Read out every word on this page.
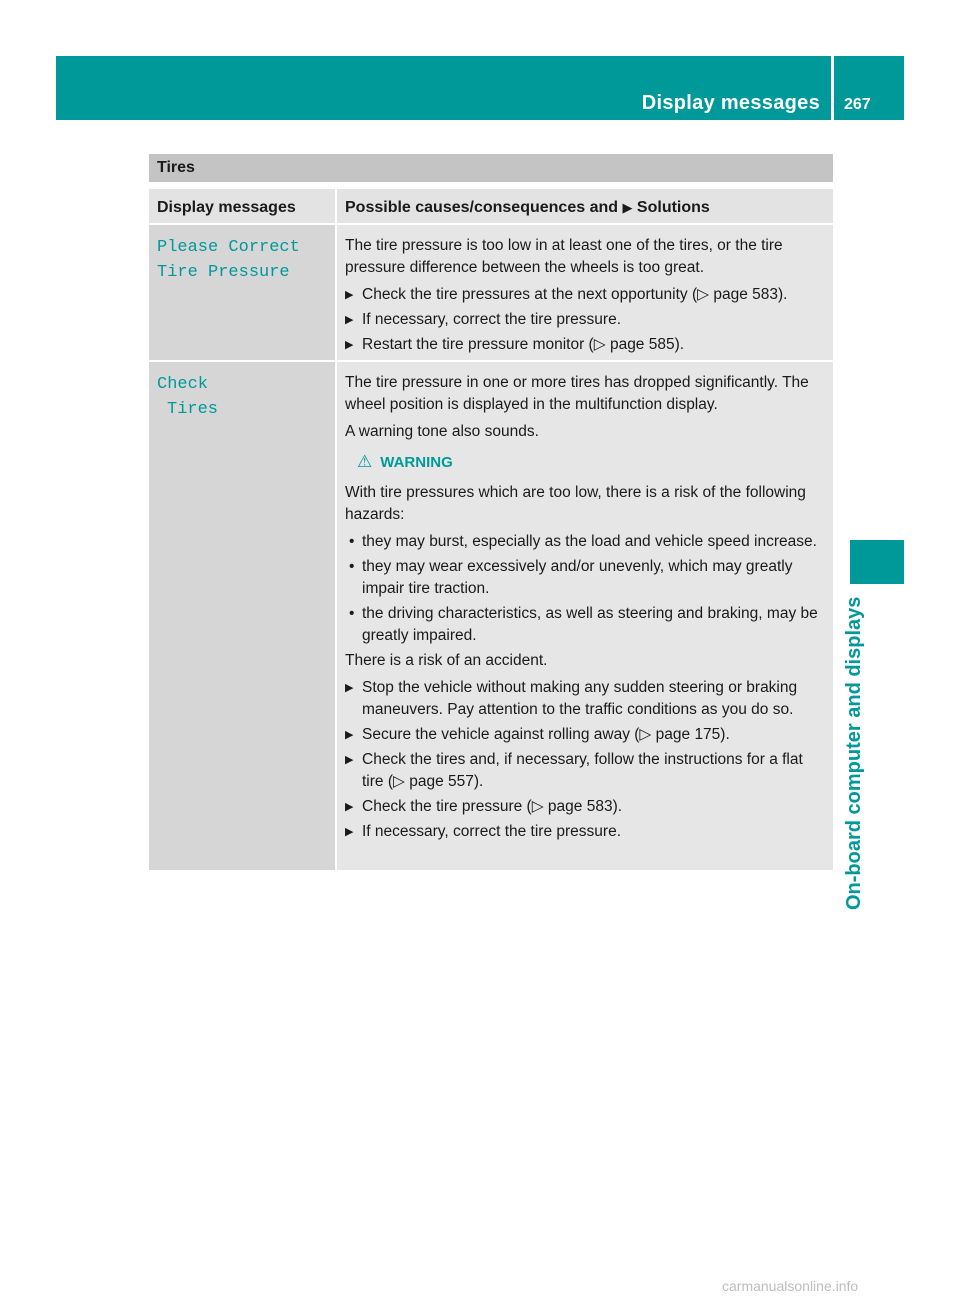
Display messages 267
On-board computer and displays
Tires
Display messages	Possible causes/consequences and ▶ Solutions
Please Correct
Tire Pressure

The tire pressure is too low in at least one of the tires, or the tire pressure difference between the wheels is too great.

▶ Check the tire pressures at the next opportunity (▷ page 583).
▶ If necessary, correct the tire pressure.
▶ Restart the tire pressure monitor (▷ page 585).
Check
Tires

The tire pressure in one or more tires has dropped significantly. The wheel position is displayed in the multifunction display.

A warning tone also sounds.

⚠ WARNING

With tire pressures which are too low, there is a risk of the following hazards:

• they may burst, especially as the load and vehicle speed increase.
• they may wear excessively and/or unevenly, which may greatly impair tire traction.
• the driving characteristics, as well as steering and braking, may be greatly impaired.

There is a risk of an accident.

▶ Stop the vehicle without making any sudden steering or braking maneuvers. Pay attention to the traffic conditions as you do so.
▶ Secure the vehicle against rolling away (▷ page 175).
▶ Check the tires and, if necessary, follow the instructions for a flat tire (▷ page 557).
▶ Check the tire pressure (▷ page 583).
▶ If necessary, correct the tire pressure.
carmanualsonline.info
